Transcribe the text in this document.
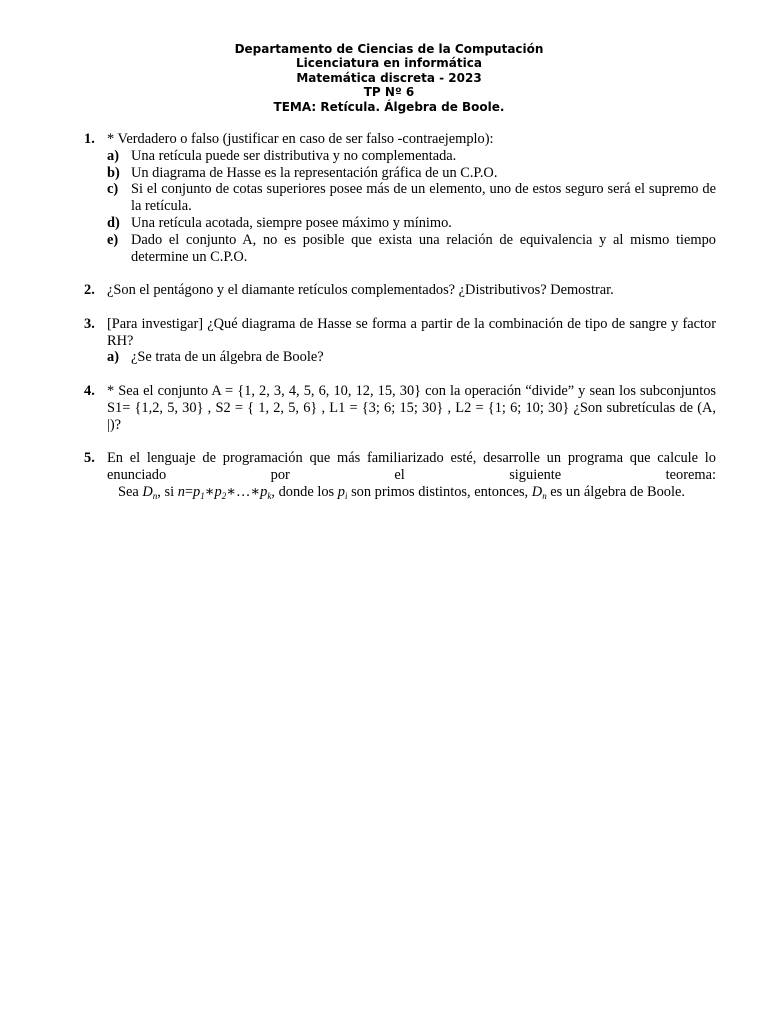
Departamento de Ciencias de la Computación
Licenciatura en informática
Matemática discreta - 2023
TP Nº 6
TEMA: Retícula. Álgebra de Boole.
1. * Verdadero o falso (justificar en caso de ser falso -contraejemplo):
a) Una retícula puede ser distributiva y no complementada.
b) Un diagrama de Hasse es la representación gráfica de un C.P.O.
c) Si el conjunto de cotas superiores posee más de un elemento, uno de estos seguro será el supremo de la retícula.
d) Una retícula acotada, siempre posee máximo y mínimo.
e) Dado el conjunto A, no es posible que exista una relación de equivalencia y al mismo tiempo determine un C.P.O.
2. ¿Son el pentágono y el diamante retículos complementados? ¿Distributivos? Demostrar.
3. [Para investigar] ¿Qué diagrama de Hasse se forma a partir de la combinación de tipo de sangre y factor RH?
a) ¿Se trata de un álgebra de Boole?
4. * Sea el conjunto A = {1, 2, 3, 4, 5, 6, 10, 12, 15, 30} con la operación “divide” y sean los subconjuntos S1= {1,2, 5, 30} , S2 = { 1, 2, 5, 6} , L1 = {3; 6; 15; 30} , L2 = {1; 6; 10; 30} ¿Son subretículas de (A, |)?
5. En el lenguaje de programación que más familiarizado esté, desarrolle un programa que calcule lo enunciado por el siguiente teorema:
Sea $D_n$, si $n=p_1∗p_2∗\dots∗p_k$, donde los $p_i$ son primos distintos, entonces, $D_n$ es un álgebra de Boole.
